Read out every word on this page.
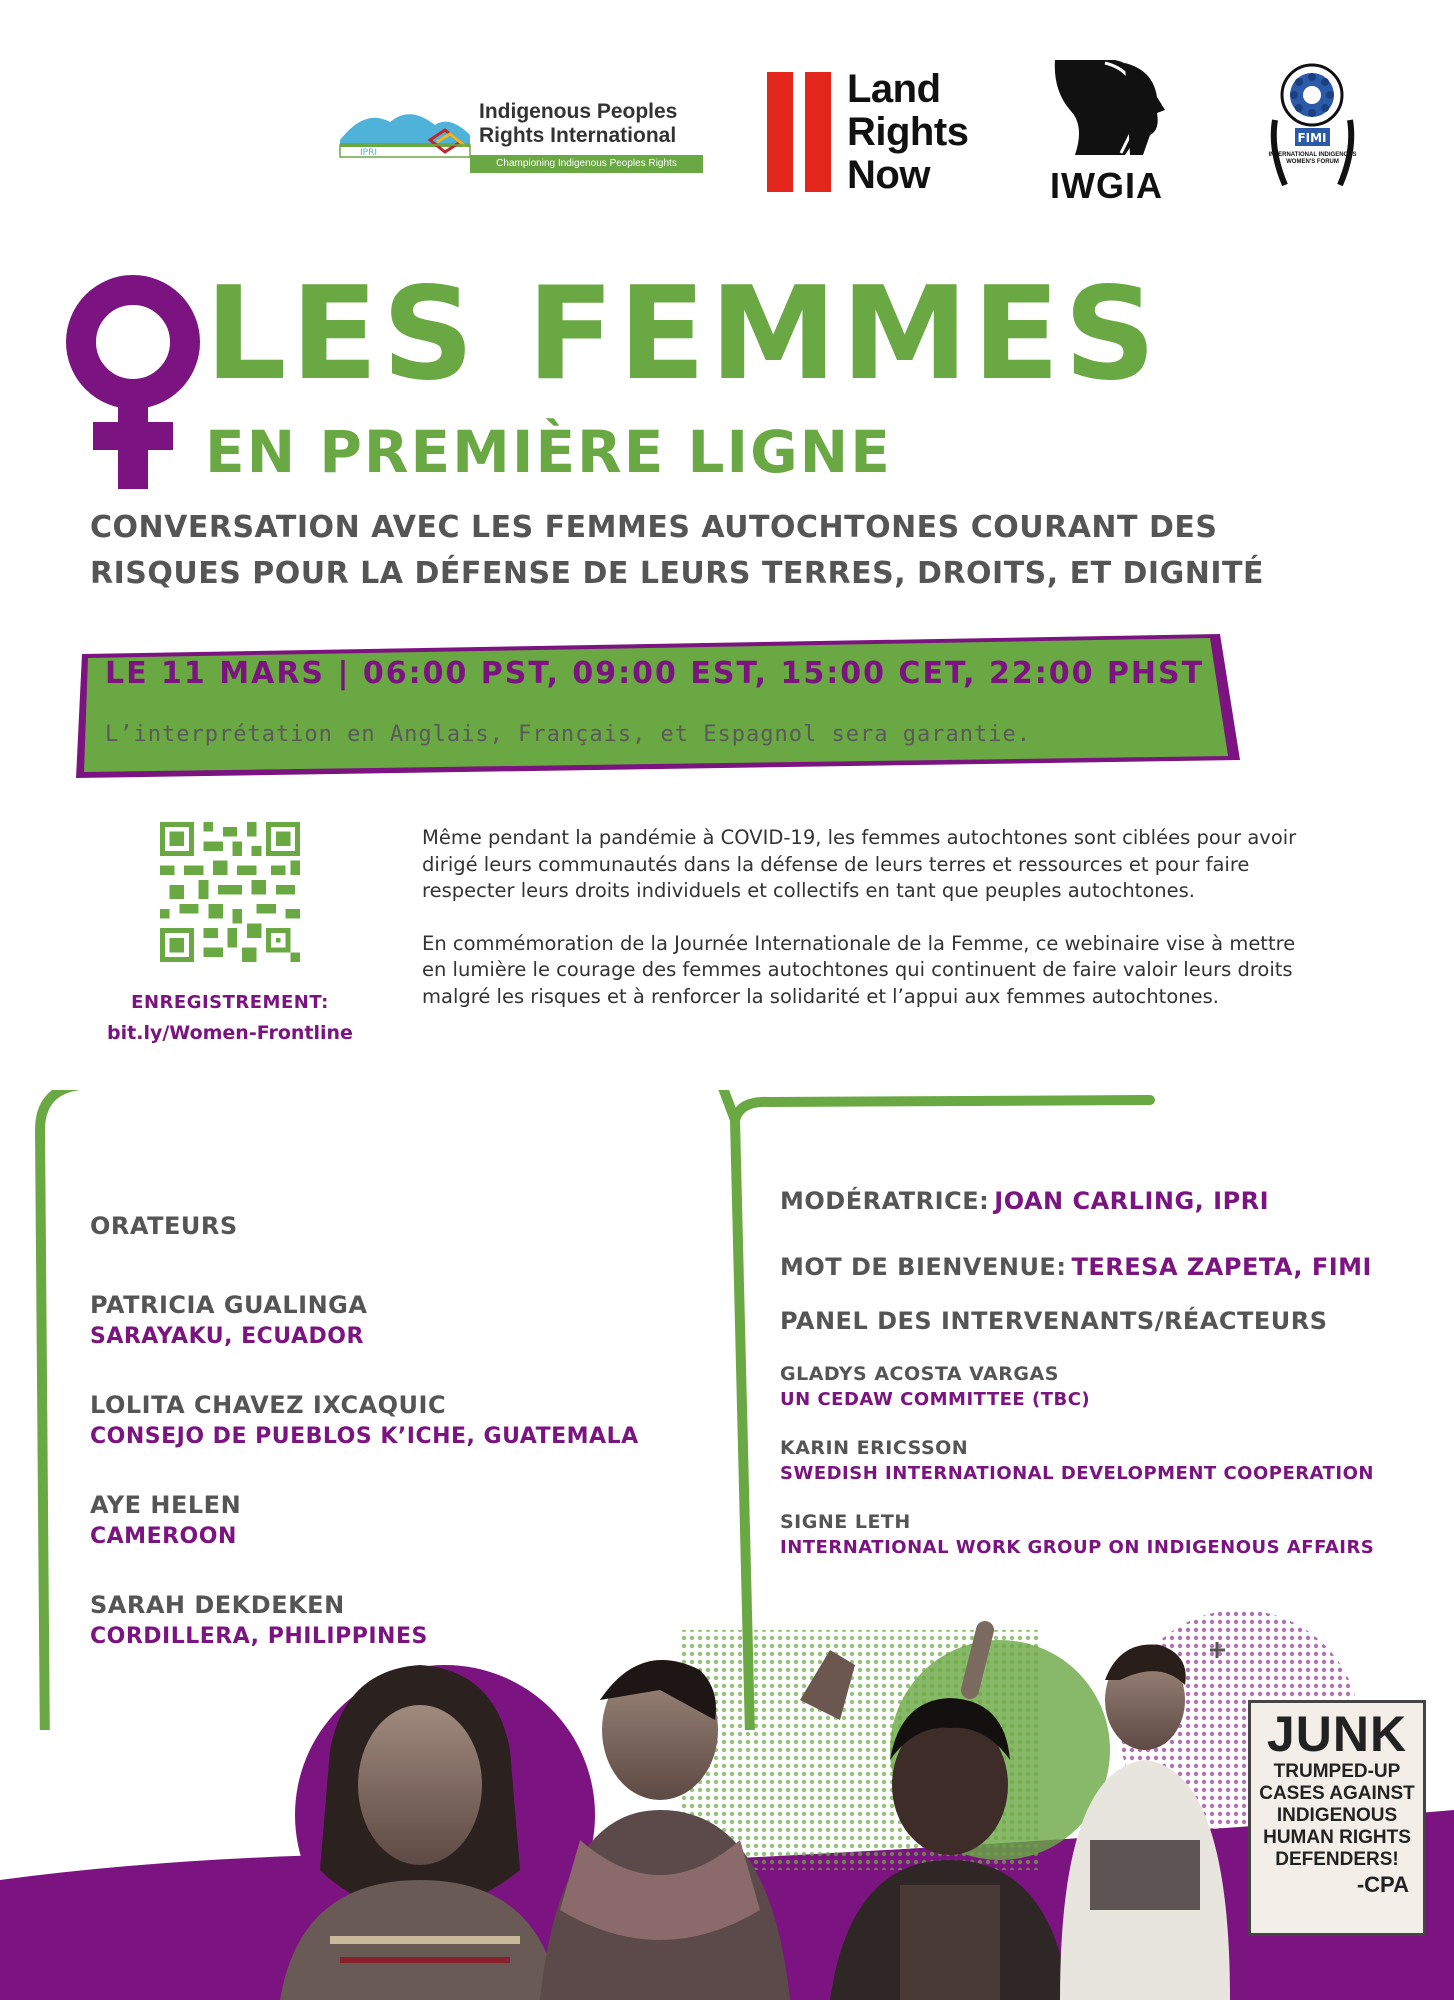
IPRI
Indigenous Peoples
Rights International
Championing Indigenous Peoples Rights
Land
Rights
Now	IWGIA
FIMI
INTERNATIONAL INDIGENOUS WOMEN'S FORUM
LES FEMMES
EN PREMIÈRE LIGNE
CONVERSATION AVEC LES FEMMES AUTOCHTONES COURANT DES
RISQUES POUR LA DÉFENSE DE LEURS TERRES, DROITS, ET DIGNITÉ
LE 11 MARS | 06:00 PST, 09:00 EST, 15:00 CET, 22:00 PHST
L’interprétation en Anglais, Français, et Espagnol sera garantie.
ENREGISTREMENT:
bit.ly/Women-Frontline

Même pendant la pandémie à COVID-19, les femmes autochtones sont ciblées pour avoir dirigé leurs communautés dans la défense de leurs terres et ressources et pour faire respecter leurs droits individuels et collectifs en tant que peuples autochtones.

En commémoration de la Journée Internationale de la Femme, ce webinaire vise à mettre en lumière le courage des femmes autochtones qui continuent de faire valoir leurs droits malgré les risques et à renforcer la solidarité et l’appui aux femmes autochtones.

ORATEURS
PATRICIA GUALINGA
SARAYAKU, ECUADOR
LOLITA CHAVEZ IXCAQUIC
CONSEJO DE PUEBLOS K’ICHE, GUATEMALA
AYE HELEN
CAMEROON
SARAH DEKDEKEN
CORDILLERA, PHILIPPINES
MODÉRATRICE: JOAN CARLING, IPRI
MOT DE BIENVENUE: TERESA ZAPETA, FIMI
PANEL DES INTERVENANTS/RÉACTEURS
GLADYS ACOSTA VARGAS
UN CEDAW COMMITTEE (TBC)
KARIN ERICSSON
SWEDISH INTERNATIONAL DEVELOPMENT COOPERATION
SIGNE LETH
INTERNATIONAL WORK GROUP ON INDIGENOUS AFFAIRS
JUNK
TRUMPED-UP
CASES AGAINST
INDIGENOUS
HUMAN RIGHTS
DEFENDERS!
-CPA
